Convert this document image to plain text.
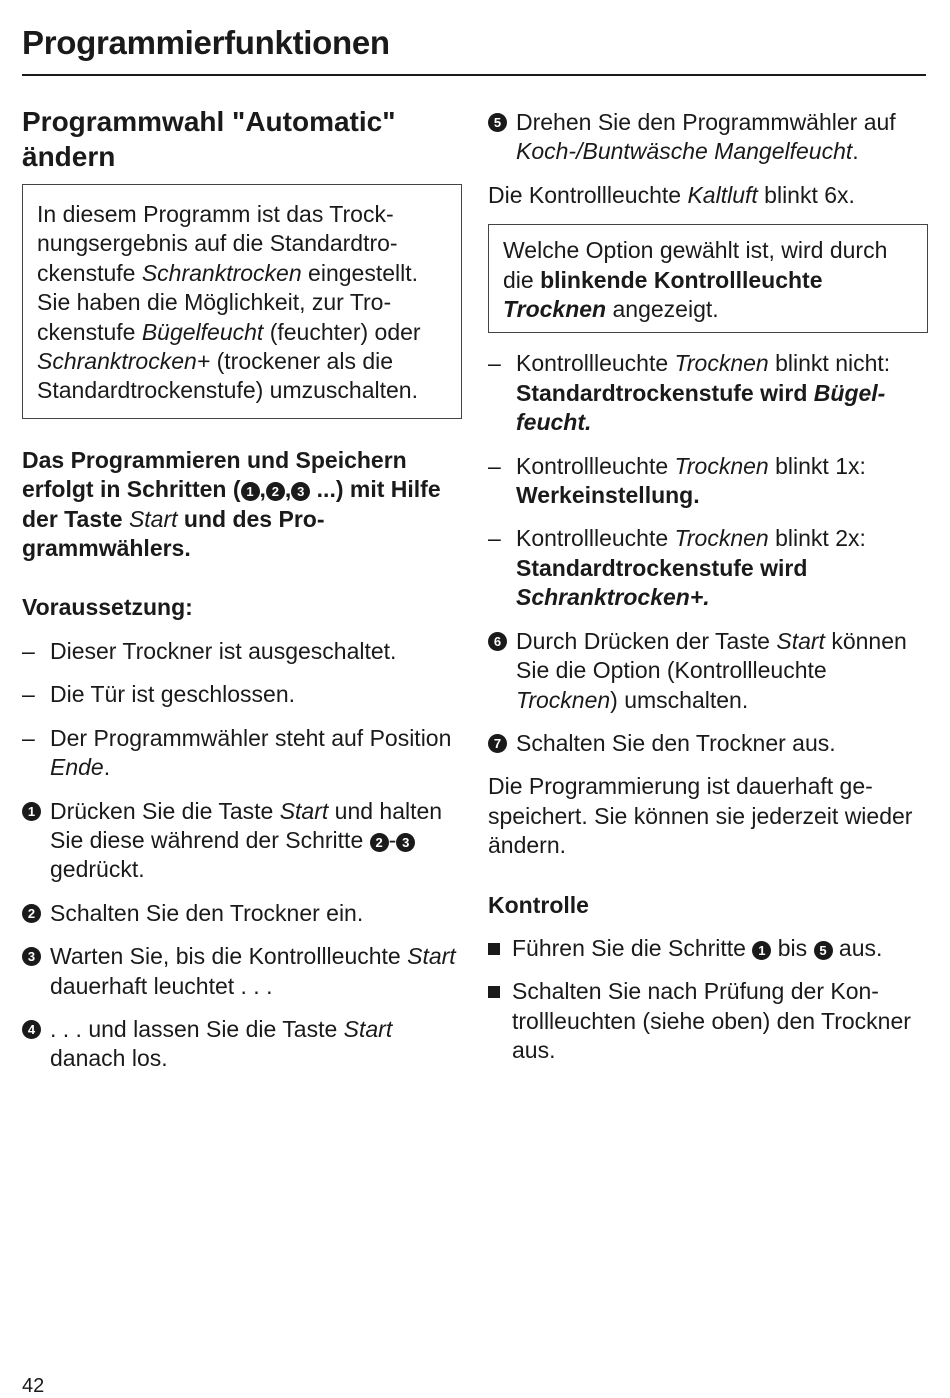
Programmierfunktionen
Programmwahl "Automatic" ändern

In diesem Programm ist das Trocknungsergebnis auf die Standardtrockenstufe Schranktrocken eingestellt. Sie haben die Möglichkeit, zur Trockenstufe Bügelfeucht (feuchter) oder Schranktrocken+ (trockener als die Standardtrockenstufe) umzuschalten.

Das Programmieren und Speichern erfolgt in Schritten ( 1 , 2 , 3 ...) mit Hilfe der Taste Start und des Programmwählers.

Voraussetzung:

– Dieser Trockner ist ausgeschaltet.
– Die Tür ist geschlossen.
– Der Programmwähler steht auf Position Ende.
1 Drücken Sie die Taste Start und halten Sie diese während der Schritte 2 - 3 gedrückt.
2 Schalten Sie den Trockner ein.
3 Warten Sie, bis die Kontrollleuchte Start dauerhaft leuchtet . . .
4 . . . und lassen Sie die Taste Start danach los.
5 Drehen Sie den Programmwähler auf Koch-/Buntwäsche Mangelfeucht.

Die Kontrollleuchte Kaltluft blinkt 6x.

Welche Option gewählt ist, wird durch die blinkende Kontrollleuchte Trocknen angezeigt.

– Kontrollleuchte Trocknen blinkt nicht: Standardtrockenstufe wird Bügelfeucht.
– Kontrollleuchte Trocknen blinkt 1x: Werkeinstellung.
– Kontrollleuchte Trocknen blinkt 2x: Standardtrockenstufe wird Schranktrocken+.
6 Durch Drücken der Taste Start können Sie die Option (Kontrollleuchte Trocknen) umschalten.
7 Schalten Sie den Trockner aus.

Die Programmierung ist dauerhaft gespeichert. Sie können sie jederzeit wieder ändern.

Kontrolle

Führen Sie die Schritte 1 bis 5 aus.
Schalten Sie nach Prüfung der Kontrollleuchten (siehe oben) den Trockner aus.
42
